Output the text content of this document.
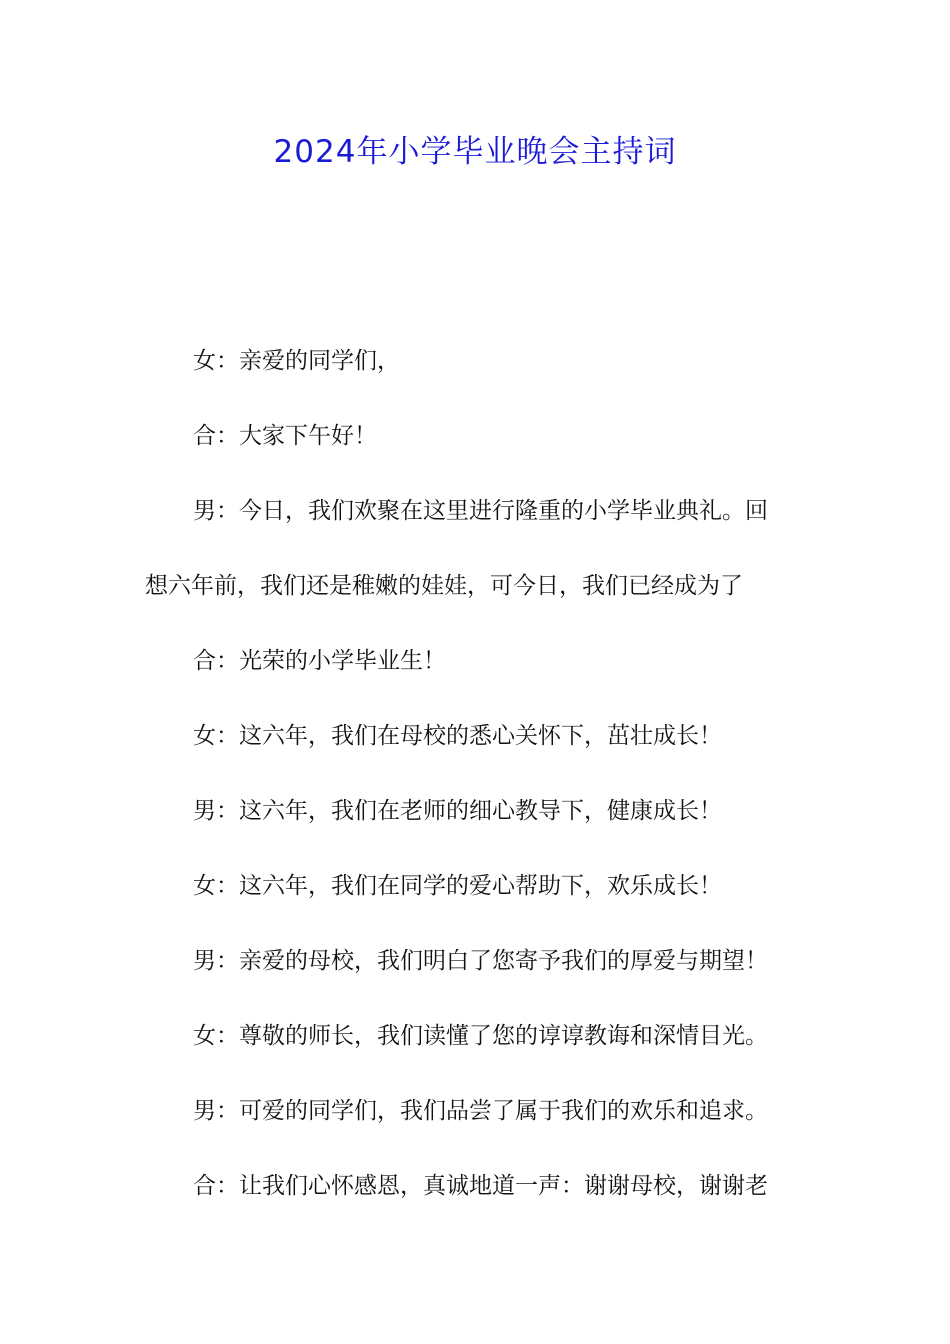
2024年小学毕业晚会主持词

女：亲爱的同学们，

合：大家下午好！

男：今日，我们欢聚在这里进行隆重的小学毕业典礼。回

想六年前，我们还是稚嫩的娃娃，可今日，我们已经成为了

合：光荣的小学毕业生！

女：这六年，我们在母校的悉心关怀下，茁壮成长！

男：这六年，我们在老师的细心教导下，健康成长！

女：这六年，我们在同学的爱心帮助下，欢乐成长！

男：亲爱的母校，我们明白了您寄予我们的厚爱与期望！

女：尊敬的师长，我们读懂了您的谆谆教诲和深情目光。

男：可爱的同学们，我们品尝了属于我们的欢乐和追求。

合：让我们心怀感恩，真诚地道一声：谢谢母校，谢谢老
